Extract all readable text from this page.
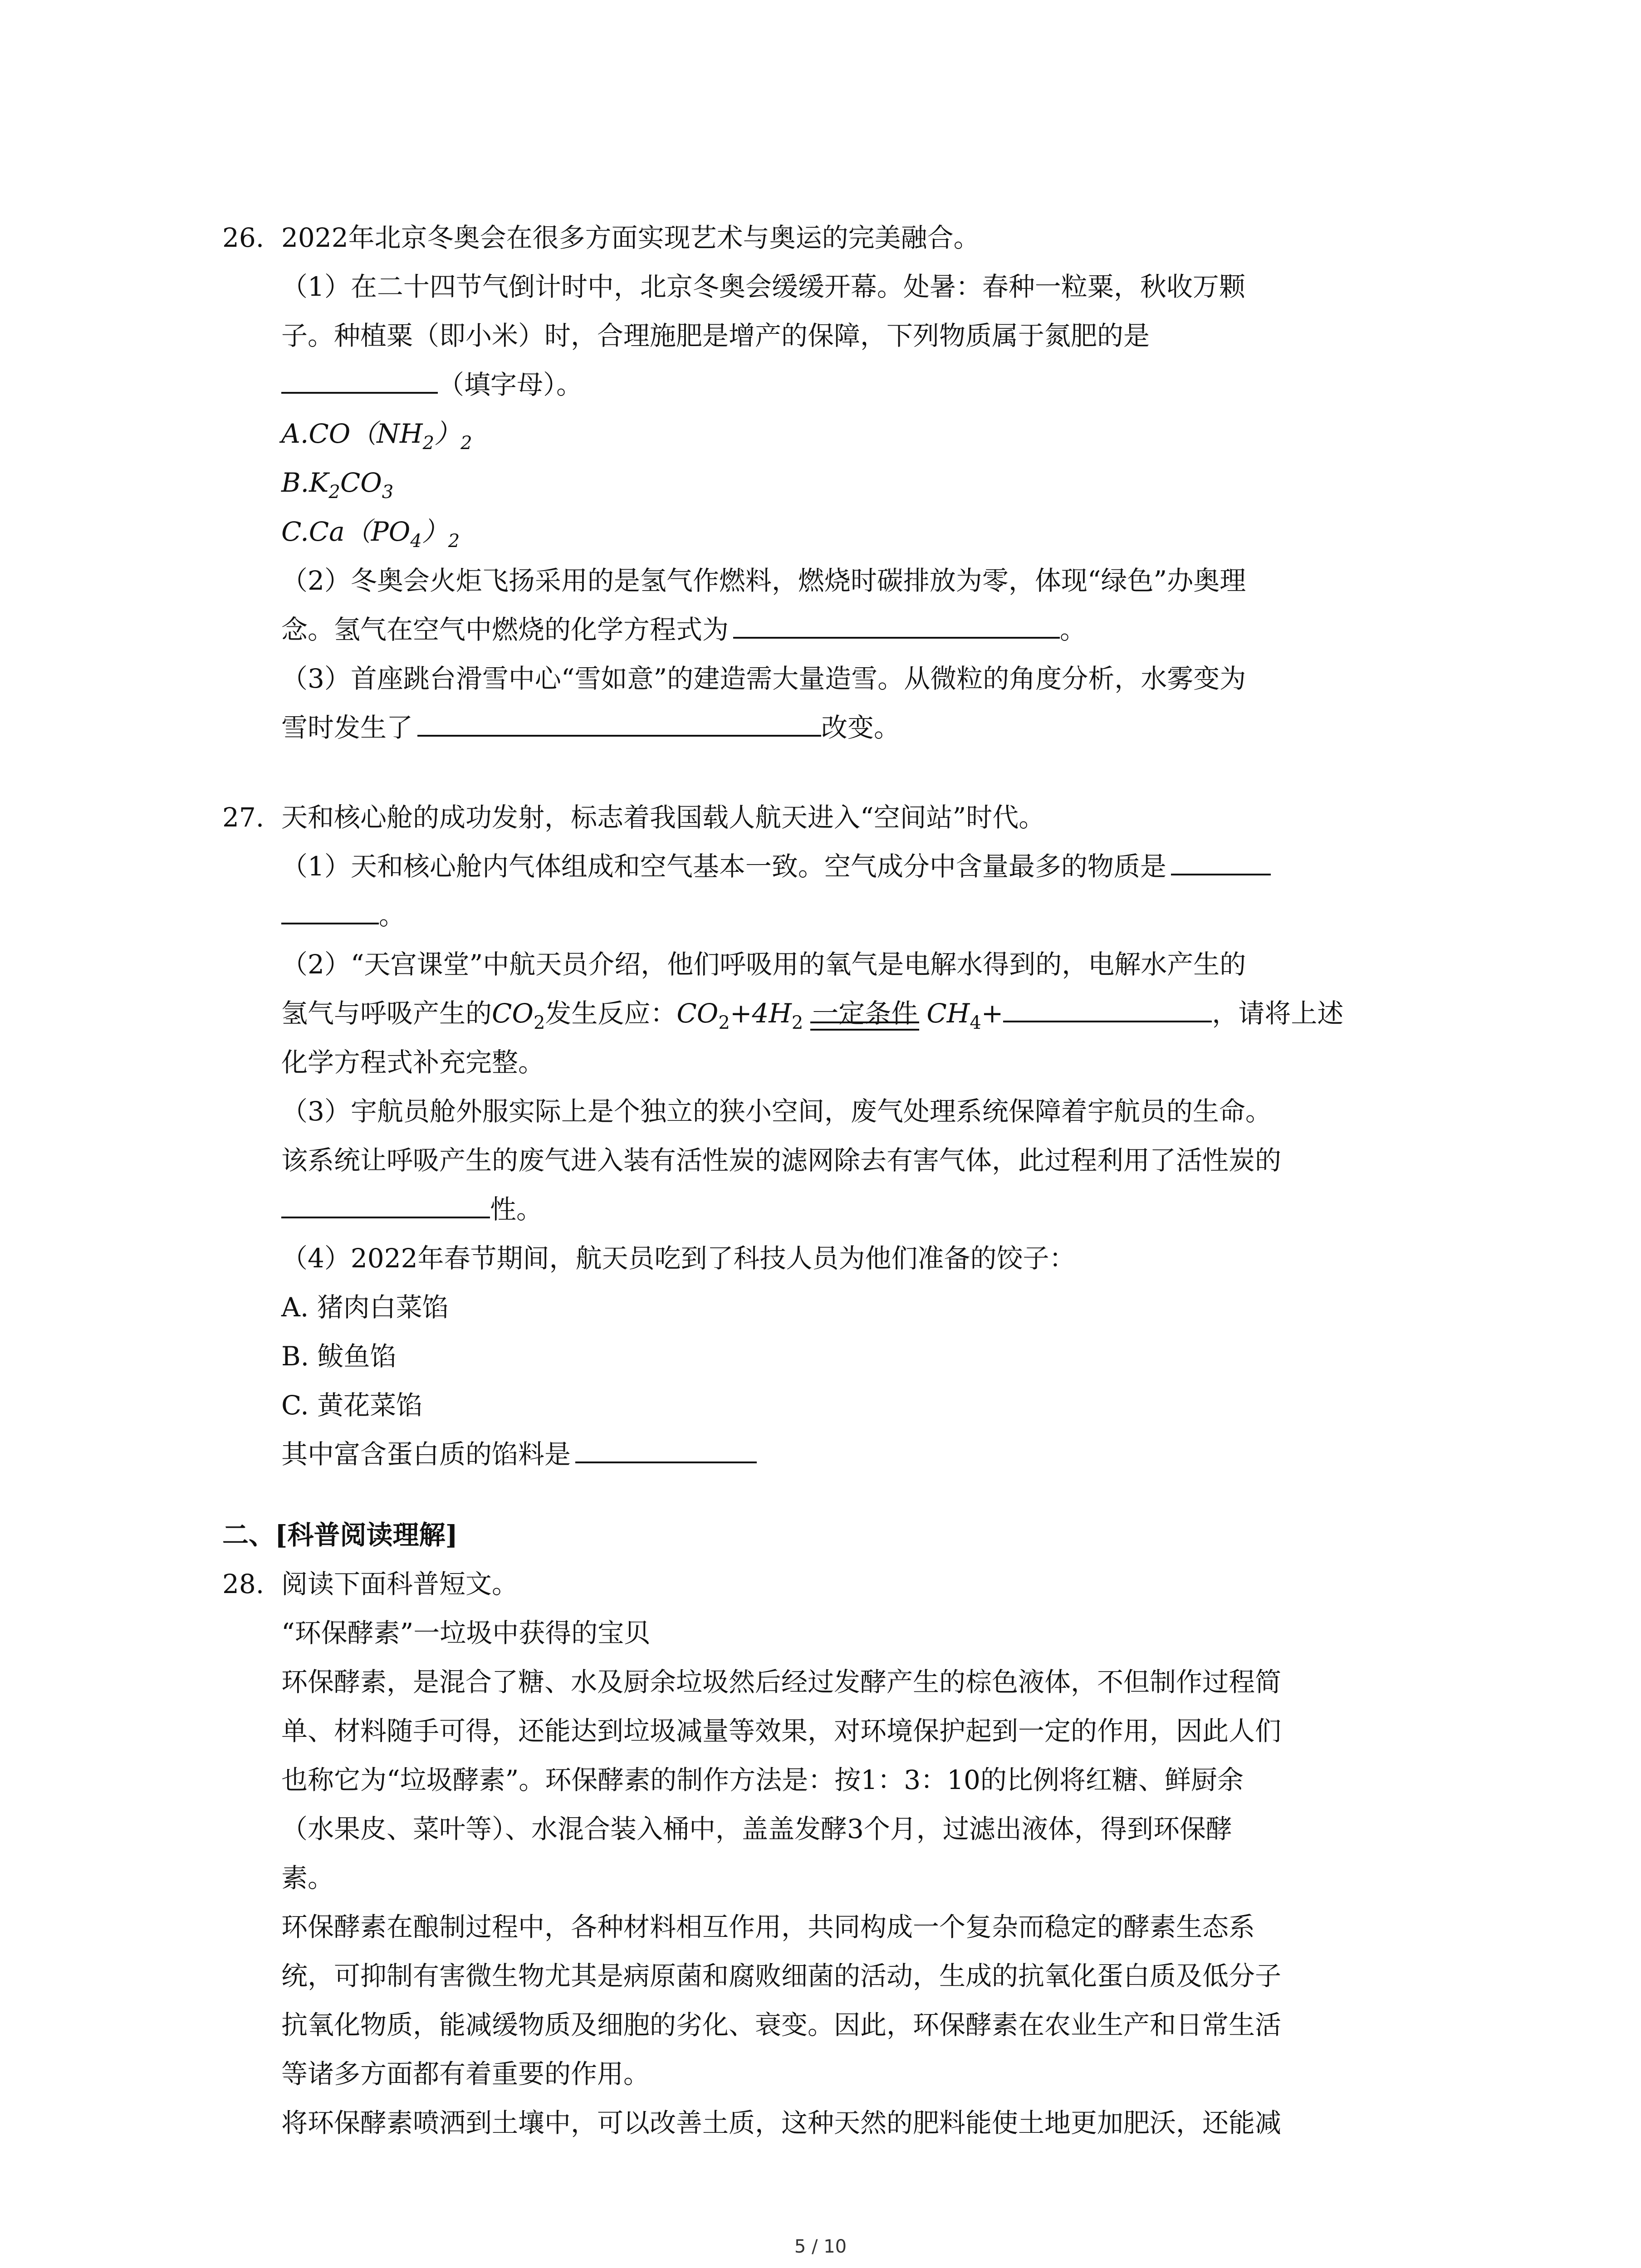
26. 2022年北京冬奥会在很多方面实现艺术与奥运的完美融合。
（1）在二十四节气倒计时中，北京冬奥会缓缓开幕。处暑：春种一粒粟，秋收万颗
子。种植粟（即小米）时，合理施肥是增产的保障，下列物质属于氮肥的是
（填字母）。
$A.CO(NH_2)_2$
$B.K_2CO_3$
$C.Ca(PO_4)_2$
（2）冬奥会火炬飞扬采用的是氢气作燃料，燃烧时碳排放为零，体现“绿色”办奥理
念。氢气在空气中燃烧的化学方程式为	。
（3）首座跳台滑雪中心“雪如意”的建造需大量造雪。从微粒的角度分析，水雾变为
雪时发生了	改变。
27. 天和核心舱的成功发射，标志着我国载人航天进入“空间站”时代。
（1）天和核心舱内气体组成和空气基本一致。空气成分中含量最多的物质是
。
（2）“天宫课堂”中航天员介绍，他们呼吸用的氧气是电解水得到的，电解水产生的
氢气与呼吸产生的$CO_2$发生反应：$CO_2+4H_2$ 一定条件 $CH_4+$	，请将上述
化学方程式补充完整。
（3）宇航员舱外服实际上是个独立的狭小空间，废气处理系统保障着宇航员的生命。
该系统让呼吸产生的废气进入装有活性炭的滤网除去有害气体，此过程利用了活性炭的
性。
（4）2022年春节期间，航天员吃到了科技人员为他们准备的饺子：
A. 猪肉白菜馅
B. 鲅鱼馅
C. 黄花菜馅
其中富含蛋白质的馅料是
二、[科普阅读理解]
28. 阅读下面科普短文。
“环保酵素”一垃圾中获得的宝贝
环保酵素，是混合了糖、水及厨余垃圾然后经过发酵产生的棕色液体，不但制作过程简
单、材料随手可得，还能达到垃圾减量等效果，对环境保护起到一定的作用，因此人们
也称它为“垃圾酵素”。环保酵素的制作方法是：按1：3：10的比例将红糖、鲜厨余
（水果皮、菜叶等）、水混合装入桶中，盖盖发酵3个月，过滤出液体，得到环保酵
素。
环保酵素在酿制过程中，各种材料相互作用，共同构成一个复杂而稳定的酵素生态系
统，可抑制有害微生物尤其是病原菌和腐败细菌的活动，生成的抗氧化蛋白质及低分子
抗氧化物质，能减缓物质及细胞的劣化、衰变。因此，环保酵素在农业生产和日常生活
等诸多方面都有着重要的作用。
将环保酵素喷洒到土壤中，可以改善土质，这种天然的肥料能使土地更加肥沃，还能减
5 / 10
